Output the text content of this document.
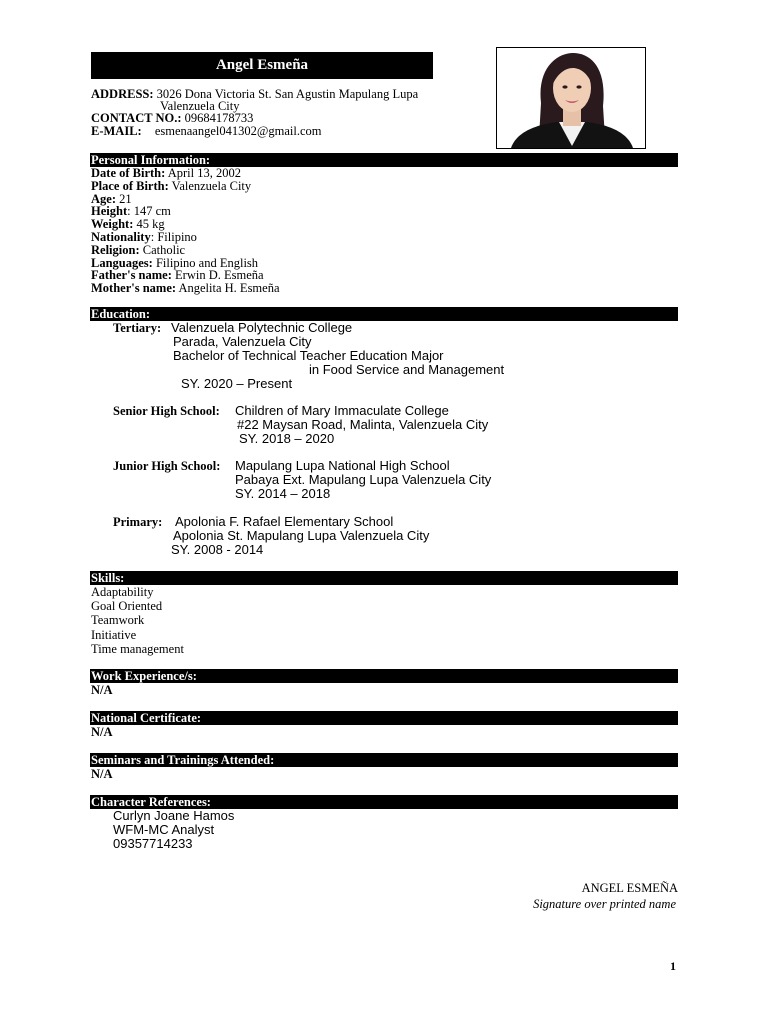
Angel Esmeña
ADDRESS: 3026 Dona Victoria St. San Agustin Mapulang Lupa
Valenzuela City
CONTACT NO.: 09684178733
E-MAIL: esmenaangel041302@gmail.com
Personal Information:
Date of Birth: April 13, 2002
Place of Birth: Valenzuela City
Age: 21
Height: 147 cm
Weight: 45 kg
Nationality: Filipino
Religion: Catholic
Languages: Filipino and English
Father's name: Erwin D. Esmeña
Mother's name: Angelita H. Esmeña
Education:
Tertiary: Valenzuela Polytechnic College
Parada, Valenzuela City
Bachelor of Technical Teacher Education Major
in Food Service and Management
SY. 2020 – Present
Senior High School: Children of Mary Immaculate College
#22 Maysan Road, Malinta, Valenzuela City
SY. 2018 – 2020
Junior High School: Mapulang Lupa National High School
Pabaya Ext. Mapulang Lupa Valenzuela City
SY. 2014 – 2018
Primary: Apolonia F. Rafael Elementary School
Apolonia St. Mapulang Lupa Valenzuela City
SY. 2008 - 2014
Skills:
Adaptability
Goal Oriented
Teamwork
Initiative
Time management
Work Experience/s:
N/A
National Certificate:
N/A
Seminars and Trainings Attended:
N/A
Character References:
Curlyn Joane Hamos
WFM-MC Analyst
09357714233
ANGEL ESMEÑA
Signature over printed name
1
